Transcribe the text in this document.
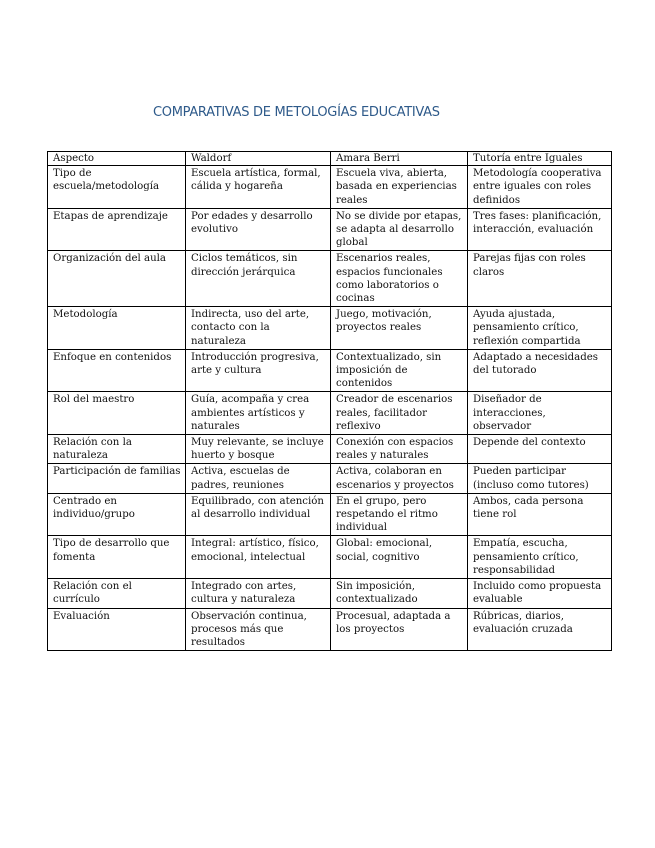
COMPARATIVAS DE METOLOGÍAS EDUCATIVAS
Aspecto	Waldorf	Amara Berri	Tutoría entre Iguales
Tipo de escuela/metodología	Escuela artística, formal, cálida y hogareña	Escuela viva, abierta, basada en experiencias reales	Metodología cooperativa entre iguales con roles definidos
Etapas de aprendizaje	Por edades y desarrollo evolutivo	No se divide por etapas, se adapta al desarrollo global	Tres fases: planificación, interacción, evaluación
Organización del aula	Ciclos temáticos, sin dirección jerárquica	Escenarios reales, espacios funcionales como laboratorios o cocinas	Parejas fijas con roles claros
Metodología	Indirecta, uso del arte, contacto con la naturaleza	Juego, motivación, proyectos reales	Ayuda ajustada, pensamiento crítico, reflexión compartida
Enfoque en contenidos	Introducción progresiva, arte y cultura	Contextualizado, sin imposición de contenidos	Adaptado a necesidades del tutorado
Rol del maestro	Guía, acompaña y crea ambientes artísticos y naturales	Creador de escenarios reales, facilitador reflexivo	Diseñador de interacciones, observador
Relación con la naturaleza	Muy relevante, se incluye huerto y bosque	Conexión con espacios reales y naturales	Depende del contexto
Participación de familias	Activa, escuelas de padres, reuniones	Activa, colaboran en escenarios y proyectos	Pueden participar (incluso como tutores)
Centrado en individuo/grupo	Equilibrado, con atención al desarrollo individual	En el grupo, pero respetando el ritmo individual	Ambos, cada persona tiene rol
Tipo de desarrollo que fomenta	Integral: artístico, físico, emocional, intelectual	Global: emocional, social, cognitivo	Empatía, escucha, pensamiento crítico, responsabilidad
Relación con el currículo	Integrado con artes, cultura y naturaleza	Sin imposición, contextualizado	Incluido como propuesta evaluable
Evaluación	Observación continua, procesos más que resultados	Procesual, adaptada a los proyectos	Rúbricas, diarios, evaluación cruzada
